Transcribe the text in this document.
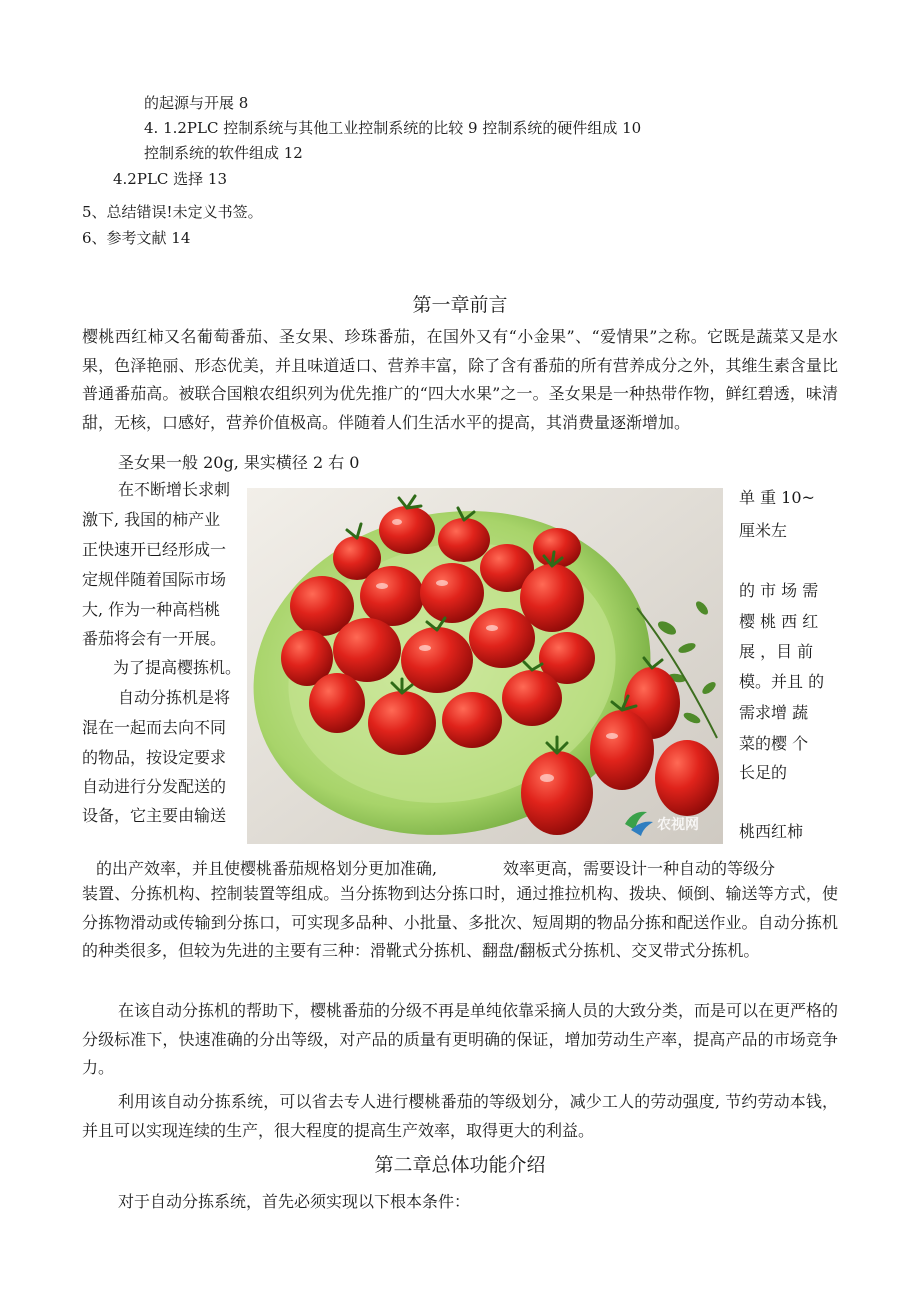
的起源与开展 8
4. 1.2PLC 控制系统与其他工业控制系统的比较 9 控制系统的硬件组成 10
控制系统的软件组成 12
4.2PLC 选择 13
5、总结错误!未定义书签。
6、参考文献 14
第一章前言
樱桃西红柿又名葡萄番茄、圣女果、珍珠番茄，在国外又有“小金果”、“爱情果”之称。它既是蔬菜又是水果，色泽艳丽、形态优美，并且味道适口、营养丰富，除了含有番茄的所有营养成分之外，其维生素含量比普通番茄高。被联合国粮农组织列为优先推广的“四大水果”之一。圣女果是一种热带作物，鲜红碧透，味清甜，无核，口感好，营养价值极高。伴随着人们生活水平的提高，其消费量逐渐增加。
圣女果一般 20g, 果实横径 2 右 0
在不断增长求刺
激下, 我国的柿产业
正快速开已经形成一
定规伴随着国际市场
大, 作为一种高档桃
番茄将会有一开展。
为了提高樱拣机。
自动分拣机是将
混在一起而去向不同
的物品，按设定要求
自动进行分发配送的
设备，它主要由输送
单 重 10~
厘米左
的 市 场 需
樱 桃 西 红
展 ，目 前
模。并且 的
需求增 蔬
菜的樱 个
长足的
桃西红柿
农视网
的出产效率，并且使樱桃番茄规格划分更加准确,	效率更高，需要设计一种自动的等级分
装置、分拣机构、控制装置等组成。当分拣物到达分拣口时，通过推拉机构、拨块、倾倒、输送等方式，使分拣物滑动或传输到分拣口，可实现多品种、小批量、多批次、短周期的物品分拣和配送作业。自动分拣机的种类很多，但较为先进的主要有三种：滑靴式分拣机、翻盘/翻板式分拣机、交叉带式分拣机。
在该自动分拣机的帮助下，樱桃番茄的分级不再是单纯依靠采摘人员的大致分类，而是可以在更严格的分级标准下，快速准确的分出等级，对产品的质量有更明确的保证，增加劳动生产率，提高产品的市场竞争力。
利用该自动分拣系统，可以省去专人进行樱桃番茄的等级划分，减少工人的劳动强度, 节约劳动本钱，并且可以实现连续的生产，很大程度的提高生产效率，取得更大的利益。
第二章总体功能介绍
对于自动分拣系统，首先必须实现以下根本条件：
